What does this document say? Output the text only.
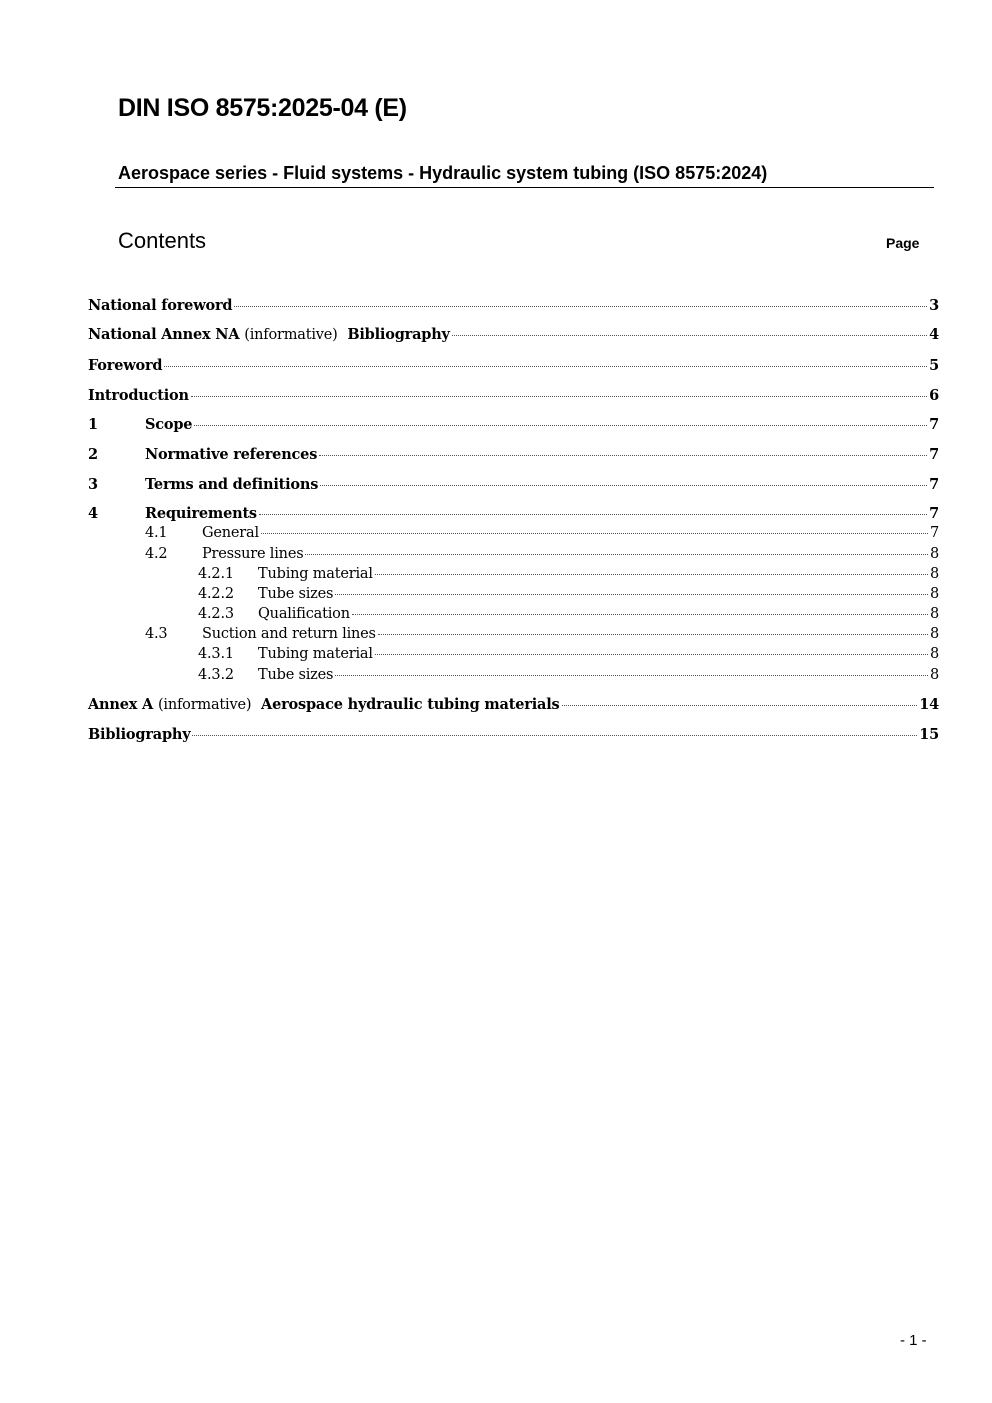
DIN ISO 8575:2025-04 (E)
Aerospace series - Fluid systems - Hydraulic system tubing (ISO 8575:2024)
Contents	Page
National foreword	3
National Annex NA (informative) Bibliography	4
Foreword	5
Introduction	6
1	Scope	7
2	Normative references	7
3	Terms and definitions	7
4	Requirements	7
4.1	General	7
4.2	Pressure lines	8
4.2.1	Tubing material	8
4.2.2	Tube sizes	8
4.2.3	Qualification	8
4.3	Suction and return lines	8
4.3.1	Tubing material	8
4.3.2	Tube sizes	8
Annex A (informative) Aerospace hydraulic tubing materials	14
Bibliography	15
- 1 -
